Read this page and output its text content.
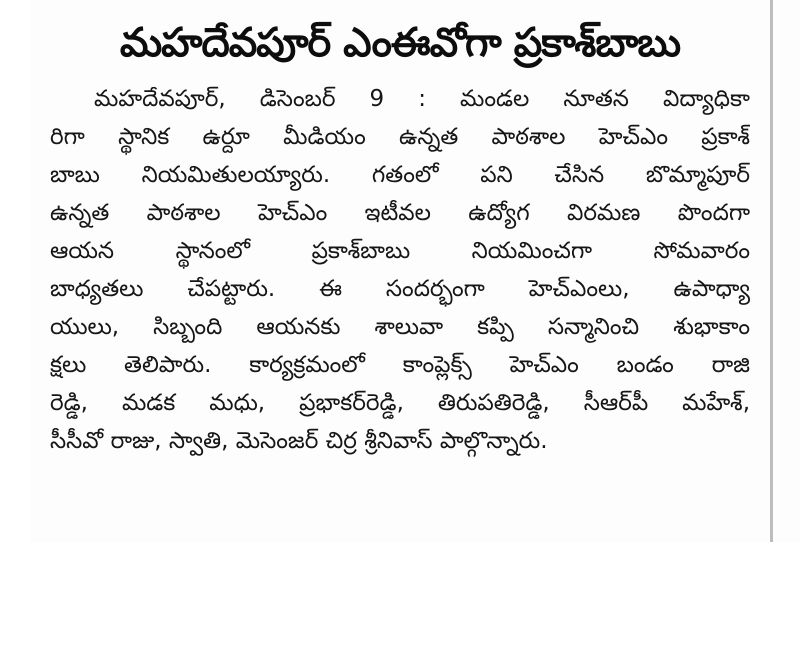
మహదేవపూర్ ఎంఈవోగా ప్రకాశ్‌బాబు
మహదేవపూర్, డిసెంబర్ 9 : మండల నూతన విద్యాధికా
రిగా స్థానిక ఉర్దూ మీడియం ఉన్నత పాఠశాల హెచ్ఎం ప్రకాశ్
బాబు నియమితులయ్యారు. గతంలో పని చేసిన బొమ్మాపూర్
ఉన్నత పాఠశాల హెచ్ఎం ఇటీవల ఉద్యోగ విరమణ పొందగా
ఆయన స్థానంలో ప్రకాశ్‌బాబు నియమించగా సోమవారం
బాధ్యతలు చేపట్టారు. ఈ సందర్భంగా హెచ్ఎంలు, ఉపాధ్యా
యులు, సిబ్బంది ఆయనకు శాలువా కప్పి సన్మానించి శుభాకాం
క్షలు తెలిపారు. కార్యక్రమంలో కాంప్లెక్స్ హెచ్ఎం బండం రాజి
రెడ్డి, మడక మధు, ప్రభాకర్‌రెడ్డి, తిరుపతిరెడ్డి, సీఆర్‌పీ మహేశ్,
సీసీవో రాజు, స్వాతి, మెసెంజర్ చిర్ర శ్రీనివాస్ పాల్గొన్నారు.
